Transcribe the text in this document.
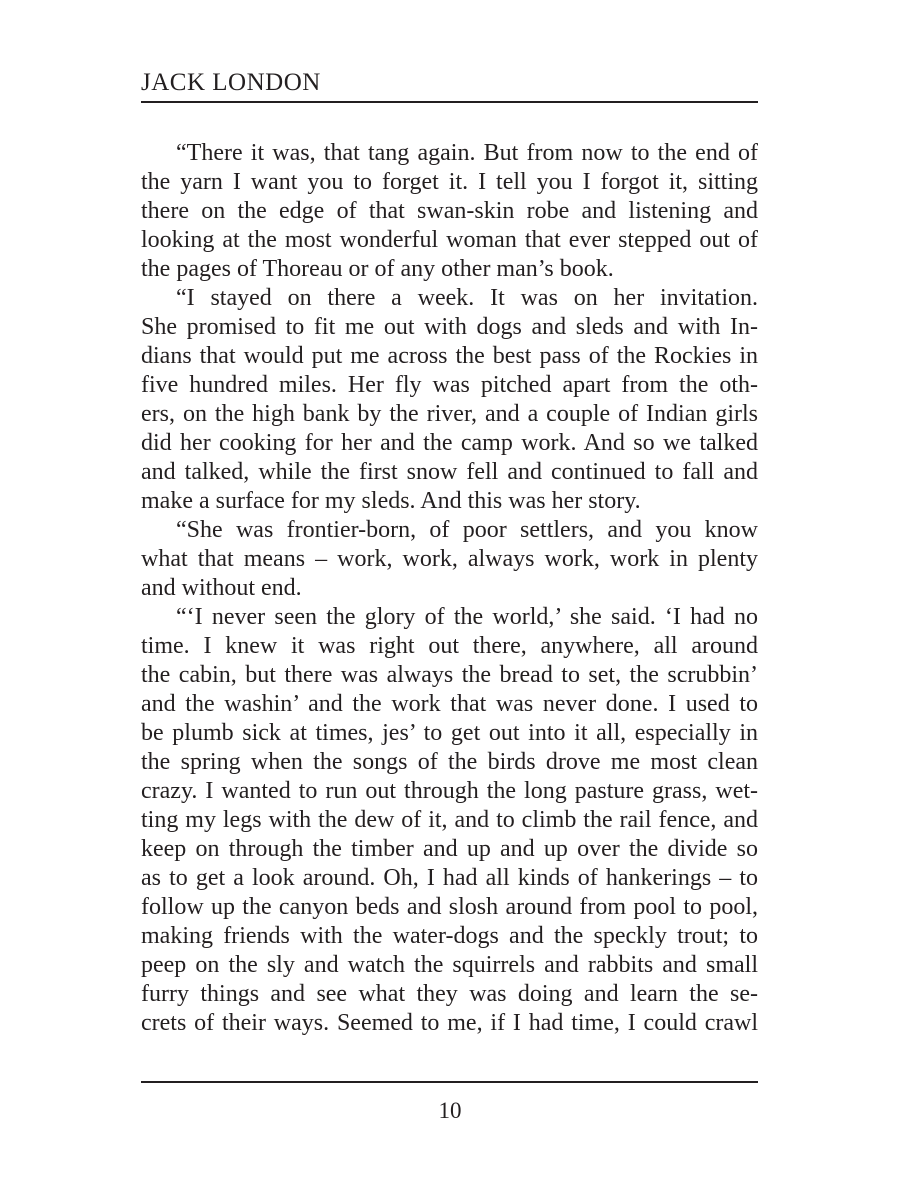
JACK LONDON

“There it was, that tang again. But from now to the end of
the yarn I want you to forget it. I tell you I forgot it, sitting
there on the edge of that swan-skin robe and listening and
looking at the most wonderful woman that ever stepped out of
the pages of Thoreau or of any other man’s book.

“I stayed on there a week. It was on her invitation.
She promised to fit me out with dogs and sleds and with In-
dians that would put me across the best pass of the Rockies in
five hundred miles. Her fly was pitched apart from the oth-
ers, on the high bank by the river, and a couple of Indian girls
did her cooking for her and the camp work. And so we talked
and talked, while the first snow fell and continued to fall and
make a surface for my sleds. And this was her story.

“She was frontier-born, of poor settlers, and you know
what that means – work, work, always work, work in plenty
and without end.

“‘I never seen the glory of the world,’ she said. ‘I had no
time. I knew it was right out there, anywhere, all around
the cabin, but there was always the bread to set, the scrubbin’
and the washin’ and the work that was never done. I used to
be plumb sick at times, jes’ to get out into it all, especially in
the spring when the songs of the birds drove me most clean
crazy. I wanted to run out through the long pasture grass, wet-
ting my legs with the dew of it, and to climb the rail fence, and
keep on through the timber and up and up over the divide so
as to get a look around. Oh, I had all kinds of hankerings – to
follow up the canyon beds and slosh around from pool to pool,
making friends with the water-dogs and the speckly trout; to
peep on the sly and watch the squirrels and rabbits and small
furry things and see what they was doing and learn the se-
crets of their ways. Seemed to me, if I had time, I could crawl

10
